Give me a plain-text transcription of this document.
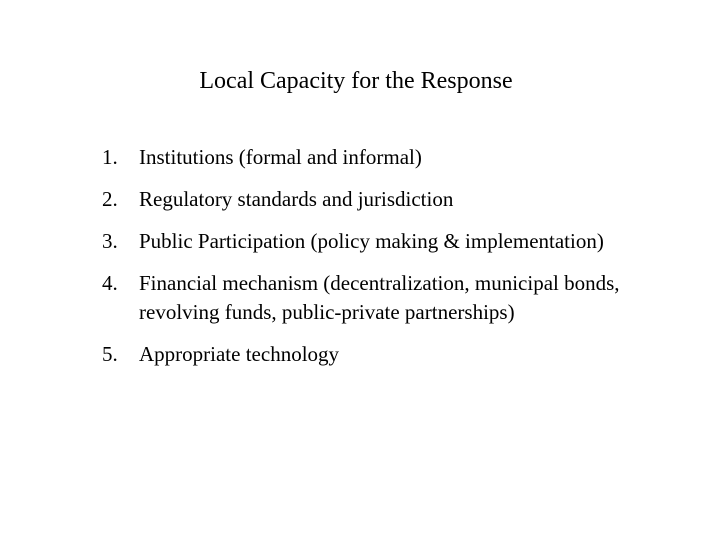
Local Capacity for the Response
1. Institutions (formal and informal)
2. Regulatory standards and jurisdiction
3. Public Participation (policy making & implementation)
4. Financial mechanism (decentralization, municipal bonds, revolving funds, public-private partnerships)
5. Appropriate technology
